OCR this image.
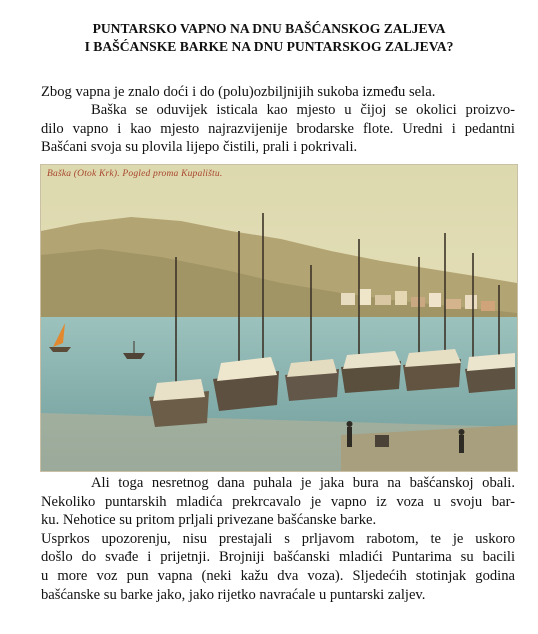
PUNTARSKO VAPNO NA DNU BAŠĆANSKOG ZALJEVA
I BAŠĆANSKE BARKE NA DNU PUNTARSKOG ZALJEVA?
Zbog vapna je znalo doći i do (polu)ozbiljnijih sukoba između sela.
Baška se oduvijek isticala kao mjesto u čijoj se okolici proizvo-
dilo vapno i kao mjesto najrazvijenije brodarske flote. Uredni i pedantni
Bašćani svoja su plovila lijepo čistili, prali i pokrivali.
Baška (Otok Krk). Pogled proma Kupalištu.
Ali toga nesretnog dana puhala je jaka bura na bašćanskoj obali.
Nekoliko puntarskih mladića prekrcavalo je vapno iz voza u svoju bar-
ku. Nehotice su pritom prljali privezane bašćanske barke.
Usprkos upozorenju, nisu prestajali s prljavom rabotom, te je uskoro
došlo do svađe i prijetnji. Brojniji bašćanski mladići Puntarima su bacili
u more voz pun vapna (neki kažu dva voza). Sljedećih stotinjak godina
bašćanske su barke jako, jako rijetko navraćale u puntarski zaljev.
